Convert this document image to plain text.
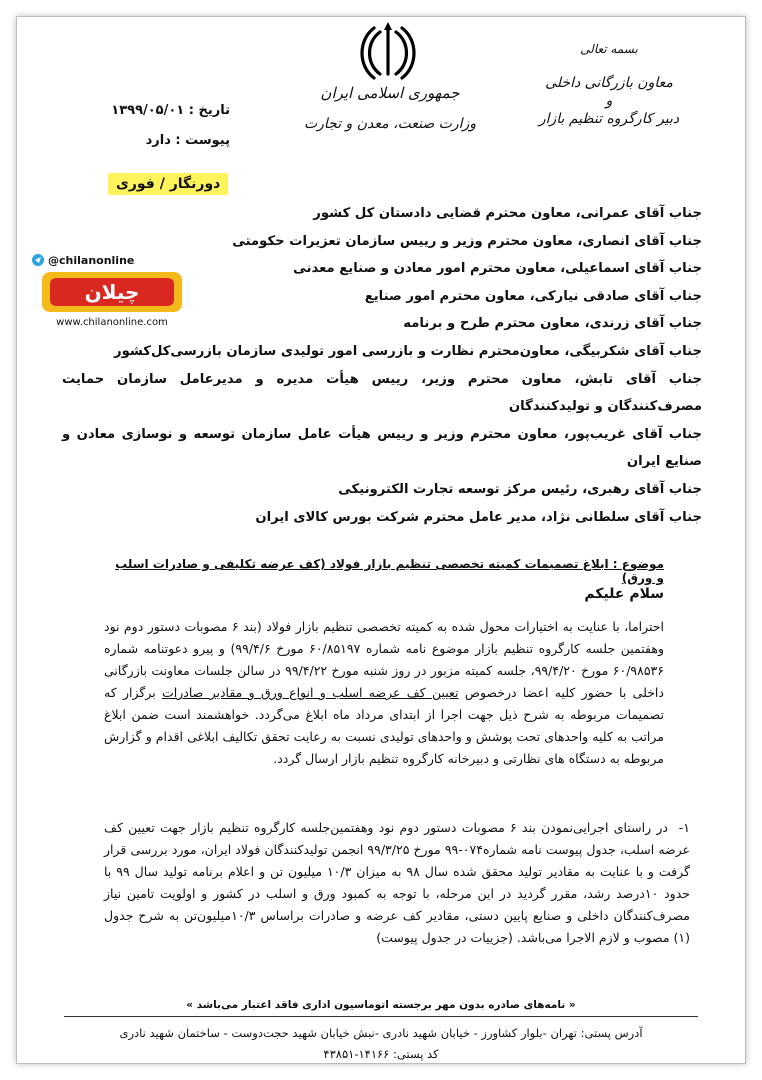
بسمه تعالی
معاون بازرگانی داخلی
و
دبیر کارگروه تنظیم بازار
جمهوری اسلامی ایران
وزارت صنعت، معدن و تجارت
تاریخ : ۱۳۹۹/۰۵/۰۱
پیوست : دارد
دورنگار / فوری
@chilanonline
چیلان
www.chilanonline.com
جناب آقای عمرانی، معاون محترم قضایی دادستان کل کشور
جناب آقای انصاری، معاون محترم وزیر و رییس سازمان تعزیرات حکومتی
جناب آقای اسماعیلی، معاون محترم امور معادن و صنایع معدنی
جناب آقای صادقی نیارکی، معاون محترم امور صنایع
جناب آقای زرندی، معاون محترم طرح و برنامه
جناب آقای شکربیگی، معاون‌محترم نظارت و بازرسی امور تولیدی سازمان بازرسی‌کل‌کشور
جناب آقای تابش، معاون محترم وزیر، رییس هیأت مدیره و مدیرعامل سازمان حمایت مصرف‌کنندگان و تولیدکنندگان
جناب آقای غریب‌پور، معاون محترم وزیر و رییس هیأت عامل سازمان توسعه و نوسازی معادن و صنایع ایران
جناب آقای رهبری، رئیس مرکز توسعه تجارت الکترونیکی
جناب آقای سلطانی نژاد، مدیر عامل محترم شرکت بورس کالای ایران
موضوع : ابلاغ تصمیمات کمیته تخصصی تنظیم بازار فولاد (کف عرضه تکلیفی و صادرات اسلب و ورق)
سلام علیکم
احتراما، با عنایت به اختیارات محول شده به کمیته تخصصی تنظیم بازار فولاد (بند ۶ مصوبات دستور دوم نود وهفتمین جلسه کارگروه تنظیم بازار موضوع نامه شماره ۶۰/۸۵۱۹۷ مورخ ۹۹/۴/۶) و پیرو دعوتنامه شماره ۶۰/۹۸۵۳۶ مورخ ۹۹/۴/۲۰، جلسه کمیته مزبور در روز شنبه مورخ ۹۹/۴/۲۲ در سالن جلسات معاونت بازرگانی داخلی با حضور کلیه اعضا درخصوص تعیین کف عرضه اسلب و انواع ورق و مقادیر صادرات برگزار که تصمیمات مربوطه به شرح ذیل جهت اجرا از ابتدای مرداد ماه ابلاغ می‌گردد. خواهشمند است ضمن ابلاغ مراتب به کلیه واحدهای تحت پوشش و واحدهای تولیدی نسبت به رعایت تحقق تکالیف ابلاغی اقدام و گزارش مربوطه به دستگاه های نظارتی و دبیرخانه کارگروه تنظیم بازار ارسال گردد.
۱-در راستای اجرایی‌نمودن بند ۶ مصوبات دستور دوم نود وهفتمین‌جلسه کارگروه تنظیم بازار جهت تعیین کف عرضه اسلب، جدول پیوست نامه شماره۰۷۴-۹۹ مورخ ۹۹/۳/۲۵ انجمن تولیدکنندگان فولاد ایران، مورد بررسی قرار گرفت و با عنایت به مقادیر تولید محقق شده سال ۹۸ به میزان ۱۰/۳ میلیون تن و اعلام برنامه تولید سال ۹۹ با حدود ۱۰درصد رشد، مقرر گردید در این مرحله، با توجه به کمبود ورق و اسلب در کشور و اولویت تامین نیاز مصرف‌کنندگان داخلی و صنایع پایین دستی، مقادیر کف عرضه و صادرات براساس ۱۰/۳میلیون‌تن به شرح جدول (۱) مصوب و لازم الاجرا می‌باشد. (جزییات در جدول پیوست)
« نامه‌های صادره بدون مهر برجسته اتوماسیون اداری فاقد اعتبار می‌باشد »
آدرس پستی: تهران -بلوار کشاورز - خیابان شهید نادری -نبش خیابان شهید حجت‌دوست - ساختمان شهید نادری
کد پستی: ۱۴۱۶۶-۴۳۸۵۱
